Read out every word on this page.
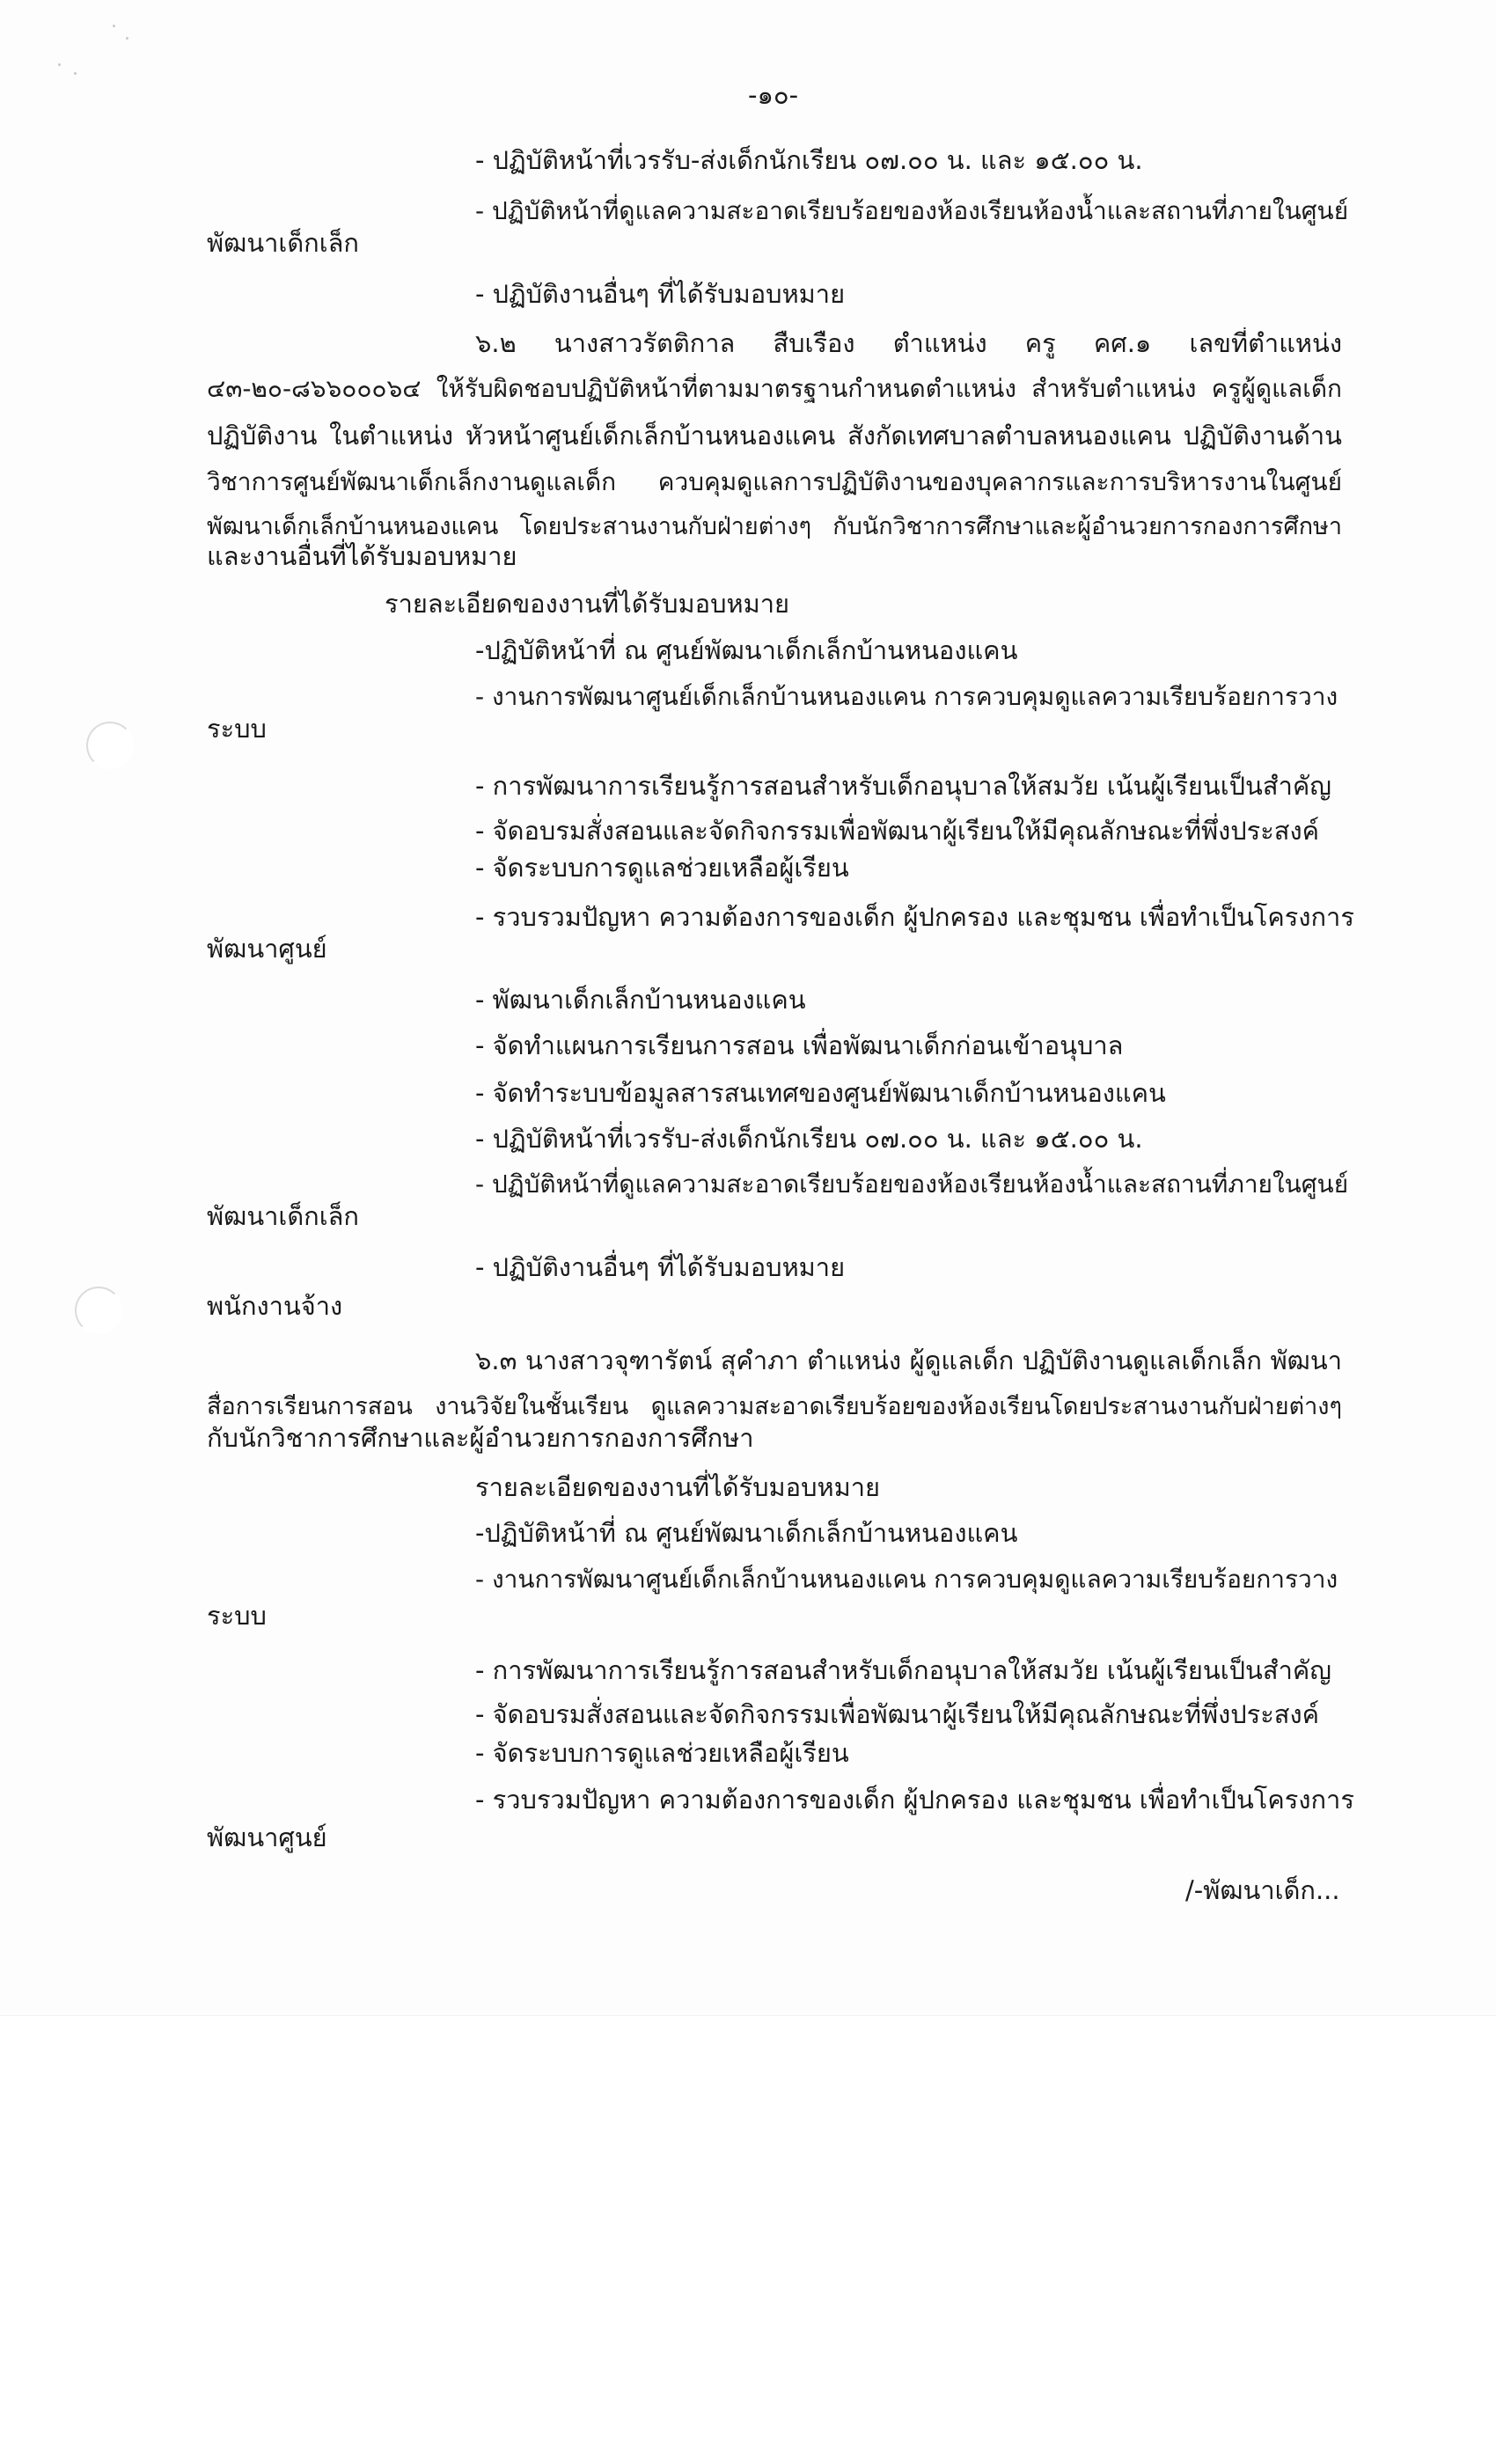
-๑๐-
- ปฏิบัติหน้าที่เวรรับ-ส่งเด็กนักเรียน ๐๗.๐๐ น. และ ๑๕.๐๐ น.
- ปฏิบัติหน้าที่ดูแลความสะอาดเรียบร้อยของห้องเรียนห้องน้ำและสถานที่ภายในศูนย์
พัฒนาเด็กเล็ก
- ปฏิบัติงานอื่นๆ ที่ได้รับมอบหมาย
๖.๒ นางสาวรัตติกาล สืบเรือง ตำแหน่ง ครู คศ.๑ เลขที่ตำแหน่ง
๔๓-๒๐-๘๖๖๐๐๐๖๔ ให้รับผิดชอบปฏิบัติหน้าที่ตามมาตรฐานกำหนดตำแหน่ง สำหรับตำแหน่ง ครูผู้ดูแลเด็ก
ปฏิบัติงาน ในตำแหน่ง หัวหน้าศูนย์เด็กเล็กบ้านหนองแคน สังกัดเทศบาลตำบลหนองแคน ปฏิบัติงานด้าน
วิชาการศูนย์พัฒนาเด็กเล็กงานดูแลเด็ก ควบคุมดูแลการปฏิบัติงานของบุคลากรและการบริหารงานในศูนย์
พัฒนาเด็กเล็กบ้านหนองแคน โดยประสานงานกับฝ่ายต่างๆ กับนักวิชาการศึกษาและผู้อำนวยการกองการศึกษา
และงานอื่นที่ได้รับมอบหมาย
รายละเอียดของงานที่ได้รับมอบหมาย
-ปฏิบัติหน้าที่ ณ ศูนย์พัฒนาเด็กเล็กบ้านหนองแคน
- งานการพัฒนาศูนย์เด็กเล็กบ้านหนองแคน การควบคุมดูแลความเรียบร้อยการวาง
ระบบ
- การพัฒนาการเรียนรู้การสอนสำหรับเด็กอนุบาลให้สมวัย เน้นผู้เรียนเป็นสำคัญ
- จัดอบรมสั่งสอนและจัดกิจกรรมเพื่อพัฒนาผู้เรียนให้มีคุณลักษณะที่พึ่งประสงค์
- จัดระบบการดูแลช่วยเหลือผู้เรียน
- รวบรวมปัญหา ความต้องการของเด็ก ผู้ปกครอง และชุมชน เพื่อทำเป็นโครงการ
พัฒนาศูนย์
- พัฒนาเด็กเล็กบ้านหนองแคน
- จัดทำแผนการเรียนการสอน เพื่อพัฒนาเด็กก่อนเข้าอนุบาล
- จัดทำระบบข้อมูลสารสนเทศของศูนย์พัฒนาเด็กบ้านหนองแคน
- ปฏิบัติหน้าที่เวรรับ-ส่งเด็กนักเรียน ๐๗.๐๐ น. และ ๑๕.๐๐ น.
- ปฏิบัติหน้าที่ดูแลความสะอาดเรียบร้อยของห้องเรียนห้องน้ำและสถานที่ภายในศูนย์
พัฒนาเด็กเล็ก
- ปฏิบัติงานอื่นๆ ที่ได้รับมอบหมาย
พนักงานจ้าง
๖.๓ นางสาวจุฑารัตน์ สุคำภา ตำแหน่ง ผู้ดูแลเด็ก ปฏิบัติงานดูแลเด็กเล็ก พัฒนา
สื่อการเรียนการสอน งานวิจัยในชั้นเรียน ดูแลความสะอาดเรียบร้อยของห้องเรียนโดยประสานงานกับฝ่ายต่างๆ
กับนักวิชาการศึกษาและผู้อำนวยการกองการศึกษา
รายละเอียดของงานที่ได้รับมอบหมาย
-ปฏิบัติหน้าที่ ณ ศูนย์พัฒนาเด็กเล็กบ้านหนองแคน
- งานการพัฒนาศูนย์เด็กเล็กบ้านหนองแคน การควบคุมดูแลความเรียบร้อยการวาง
ระบบ
- การพัฒนาการเรียนรู้การสอนสำหรับเด็กอนุบาลให้สมวัย เน้นผู้เรียนเป็นสำคัญ
- จัดอบรมสั่งสอนและจัดกิจกรรมเพื่อพัฒนาผู้เรียนให้มีคุณลักษณะที่พึ่งประสงค์
- จัดระบบการดูแลช่วยเหลือผู้เรียน
- รวบรวมปัญหา ความต้องการของเด็ก ผู้ปกครอง และชุมชน เพื่อทำเป็นโครงการ
พัฒนาศูนย์
/-พัฒนาเด็ก...
